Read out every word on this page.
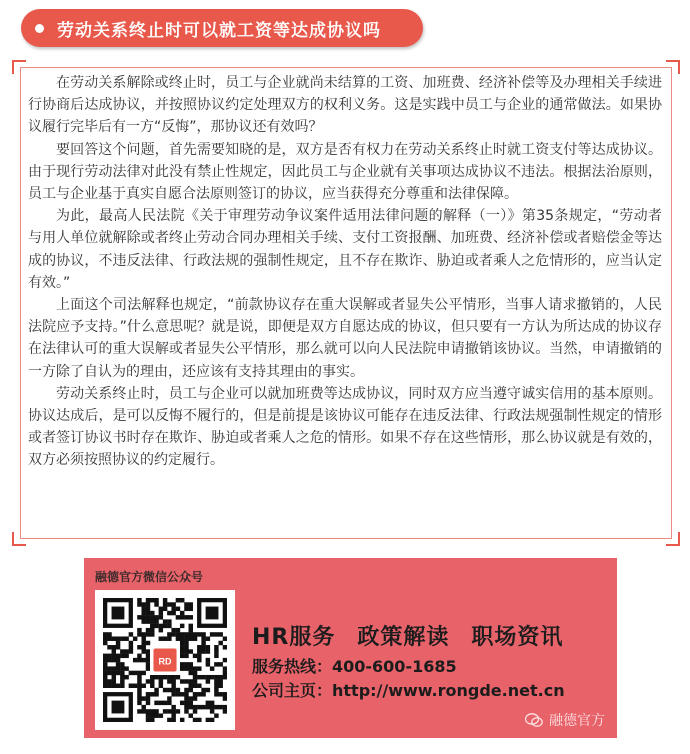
劳动关系终止时可以就工资等达成协议吗

在劳动关系解除或终止时，员工与企业就尚未结算的工资、加班费、经济补偿等及办理相关手续进行协商后达成协议，并按照协议约定处理双方的权利义务。这是实践中员工与企业的通常做法。如果协议履行完毕后有一方“反悔”，那协议还有效吗？

要回答这个问题，首先需要知晓的是，双方是否有权力在劳动关系终止时就工资支付等达成协议。由于现行劳动法律对此没有禁止性规定，因此员工与企业就有关事项达成协议不违法。根据法治原则，员工与企业基于真实自愿合法原则签订的协议，应当获得充分尊重和法律保障。

为此，最高人民法院《关于审理劳动争议案件适用法律问题的解释（一）》第35条规定，“劳动者与用人单位就解除或者终止劳动合同办理相关手续、支付工资报酬、加班费、经济补偿或者赔偿金等达成的协议，不违反法律、行政法规的强制性规定，且不存在欺诈、胁迫或者乘人之危情形的，应当认定有效。”

上面这个司法解释也规定，“前款协议存在重大误解或者显失公平情形，当事人请求撤销的，人民法院应予支持。”什么意思呢？就是说，即便是双方自愿达成的协议，但只要有一方认为所达成的协议存在法律认可的重大误解或者显失公平情形，那么就可以向人民法院申请撤销该协议。当然，申请撤销的一方除了自认为的理由，还应该有支持其理由的事实。

劳动关系终止时，员工与企业可以就加班费等达成协议，同时双方应当遵守诚实信用的基本原则。协议达成后，是可以反悔不履行的，但是前提是该协议可能存在违反法律、行政法规强制性规定的情形或者签订协议书时存在欺诈、胁迫或者乘人之危的情形。如果不存在这些情形，那么协议就是有效的，双方必须按照协议的约定履行。

融德官方微信公众号
RD
HR服务 政策解读 职场资讯
服务热线：400-600-1685
公司主页：http://www.rongde.net.cn
融德官方
